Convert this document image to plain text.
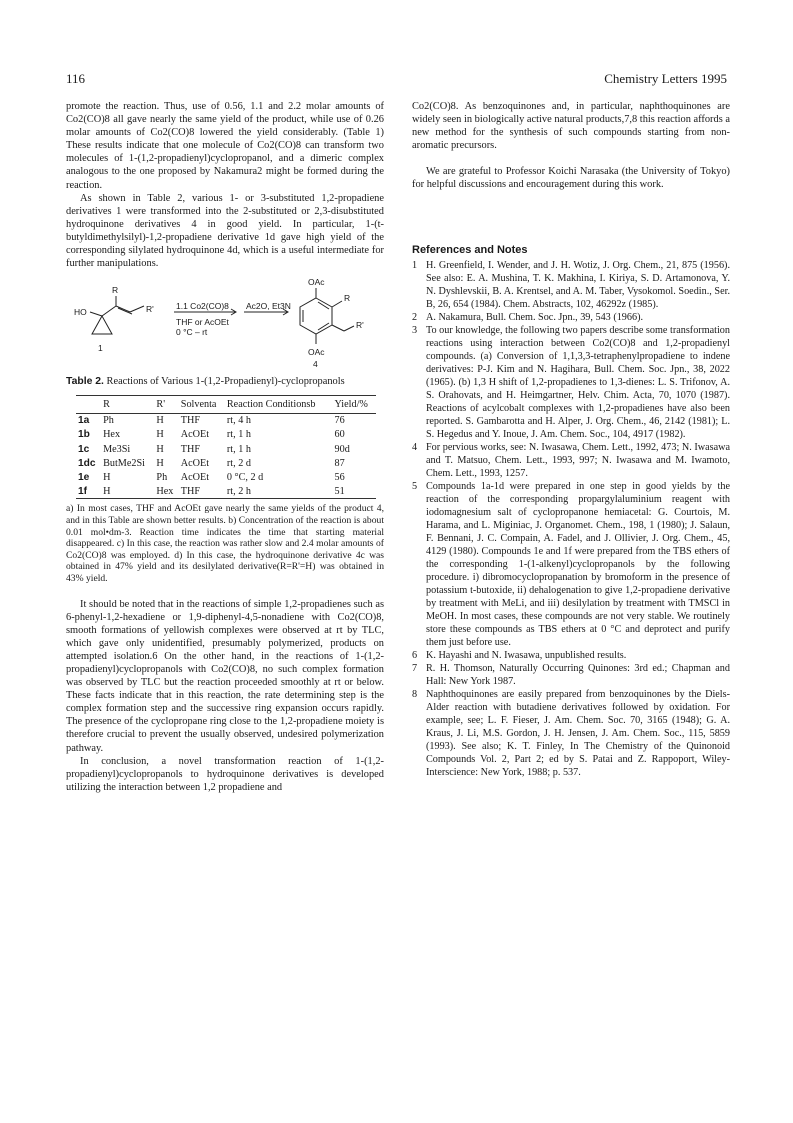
116	Chemistry Letters 1995

promote the reaction. Thus, use of 0.56, 1.1 and 2.2 molar amounts of Co2(CO)8 all gave nearly the same yield of the product, while use of 0.26 molar amounts of Co2(CO)8 lowered the yield considerably. (Table 1) These results indicate that one molecule of Co2(CO)8 can transform two molecules of 1-(1,2-propadienyl)cyclopropanol, and a dimeric complex analogous to the one proposed by Nakamura2 might be formed during the reaction.

As shown in Table 2, various 1- or 3-substituted 1,2-propadiene derivatives 1 were transformed into the 2-substituted or 2,3-disubstituted hydroquinone derivatives 4 in good yield. In particular, 1-(t-butyldimethylsilyl)-1,2-propadiene derivative 1d gave high yield of the corresponding silylated hydroquinone 4d, which is a useful intermediate for further manipulations.

HO
R
R'
1
1.1 Co2(CO)8
THF or AcOEt
0 °C – rt
Ac2O, Et3N
OAc
R
R'
OAc
4
Table 2. Reactions of Various 1-(1,2-Propadienyl)-cyclopropanols
	R	R'	Solventa	Reaction Conditionsb	Yield/%
1a	Ph	H	THF	rt, 4 h	76
1b	Hex	H	AcOEt	rt, 1 h	60
1c	Me3Si	H	THF	rt, 1 h	90d
1dc	ButMe2Si	H	AcOEt	rt, 2 d	87
1e	H	Ph	AcOEt	0 °C, 2 d	56
1f	H	Hex	THF	rt, 2 h	51

a) In most cases, THF and AcOEt gave nearly the same yields of the product 4, and in this Table are shown better results. b) Concentration of the reaction is about 0.01 mol•dm-3. Reaction time indicates the time that starting material disappeared. c) In this case, the reaction was rather slow and 2.4 molar amounts of Co2(CO)8 was employed. d) In this case, the hydroquinone derivative 4c was obtained in 47% yield and its desilylated derivative(R=R'=H) was obtained in 43% yield.

It should be noted that in the reactions of simple 1,2-propadienes such as 6-phenyl-1,2-hexadiene or 1,9-diphenyl-4,5-nonadiene with Co2(CO)8, smooth formations of yellowish complexes were observed at rt by TLC, which gave only unidentified, presumably polymerized, products on attempted isolation.6 On the other hand, in the reactions of 1-(1,2-propadienyl)cyclopropanols with Co2(CO)8, no such complex formation was observed by TLC but the reaction proceeded smoothly at rt or below. These facts indicate that in this reaction, the rate determining step is the complex formation step and the successive ring expansion occurs rapidly. The presence of the cyclopropane ring close to the 1,2-propadiene moiety is therefore crucial to prevent the usually observed, undesired polymerization pathway.

In conclusion, a novel transformation reaction of 1-(1,2-propadienyl)cyclopropanols to hydroquinone derivatives is developed utilizing the interaction between 1,2 propadiene and

Co2(CO)8. As benzoquinones and, in particular, naphthoquinones are widely seen in biologically active natural products,7,8 this reaction affords a new method for the synthesis of such compounds starting from non-aromatic precursors.

We are grateful to Professor Koichi Narasaka (the University of Tokyo) for helpful discussions and encouragement during this work.

References and Notes

1 H. Greenfield, I. Wender, and J. H. Wotiz, J. Org. Chem., 21, 875 (1956). See also: E. A. Mushina, T. K. Makhina, I. Kiriya, S. D. Artamonova, Y. N. Dyshlevskii, B. A. Krentsel, and A. M. Taber, Vysokomol. Soedin., Ser. B, 26, 654 (1984). Chem. Abstracts, 102, 46292z (1985).
2 A. Nakamura, Bull. Chem. Soc. Jpn., 39, 543 (1966).
3 To our knowledge, the following two papers describe some transformation reactions using interaction between Co2(CO)8 and 1,2-propadienyl compounds. (a) Conversion of 1,1,3,3-tetraphenylpropadiene to indene derivatives: P-J. Kim and N. Hagihara, Bull. Chem. Soc. Jpn., 38, 2022 (1965). (b) 1,3 H shift of 1,2-propadienes to 1,3-dienes: L. S. Trifonov, A. S. Orahovats, and H. Heimgartner, Helv. Chim. Acta, 70, 1070 (1987). Reactions of acylcobalt complexes with 1,2-propadienes have also been reported. S. Gambarotta and H. Alper, J. Org. Chem., 46, 2142 (1981); L. S. Hegedus and Y. Inoue, J. Am. Chem. Soc., 104, 4917 (1982).
4 For pervious works, see: N. Iwasawa, Chem. Lett., 1992, 473; N. Iwasawa and T. Matsuo, Chem. Lett., 1993, 997; N. Iwasawa and M. Iwamoto, Chem. Lett., 1993, 1257.
5 Compounds 1a-1d were prepared in one step in good yields by the reaction of the corresponding propargylaluminium reagent with iodomagnesium salt of cyclopropanone hemiacetal: G. Courtois, M. Harama, and L. Miginiac, J. Organomet. Chem., 198, 1 (1980); J. Salaun, F. Bennani, J. C. Compain, A. Fadel, and J. Ollivier, J. Org. Chem., 45, 4129 (1980). Compounds 1e and 1f were prepared from the TBS ethers of the corresponding 1-(1-alkenyl)cyclopropanols by the following procedure. i) dibromocyclopropanation by bromoform in the presence of potassium t-butoxide, ii) dehalogenation to give 1,2-propadiene derivative by treatment with MeLi, and iii) desilylation by treatment with TMSCl in MeOH. In most cases, these compounds are not very stable. We routinely store these compounds as TBS ethers at 0 °C and deprotect and purify them just before use.
6 K. Hayashi and N. Iwasawa, unpublished results.
7 R. H. Thomson, Naturally Occurring Quinones: 3rd ed.; Chapman and Hall: New York 1987.
8 Naphthoquinones are easily prepared from benzoquinones by the Diels-Alder reaction with butadiene derivatives followed by oxidation. For example, see; L. F. Fieser, J. Am. Chem. Soc. 70, 3165 (1948); G. A. Kraus, J. Li, M.S. Gordon, J. H. Jensen, J. Am. Chem. Soc., 115, 5859 (1993). See also; K. T. Finley, In The Chemistry of the Quinonoid Compounds Vol. 2, Part 2; ed by S. Patai and Z. Rappoport, Wiley-Interscience: New York, 1988; p. 537.
